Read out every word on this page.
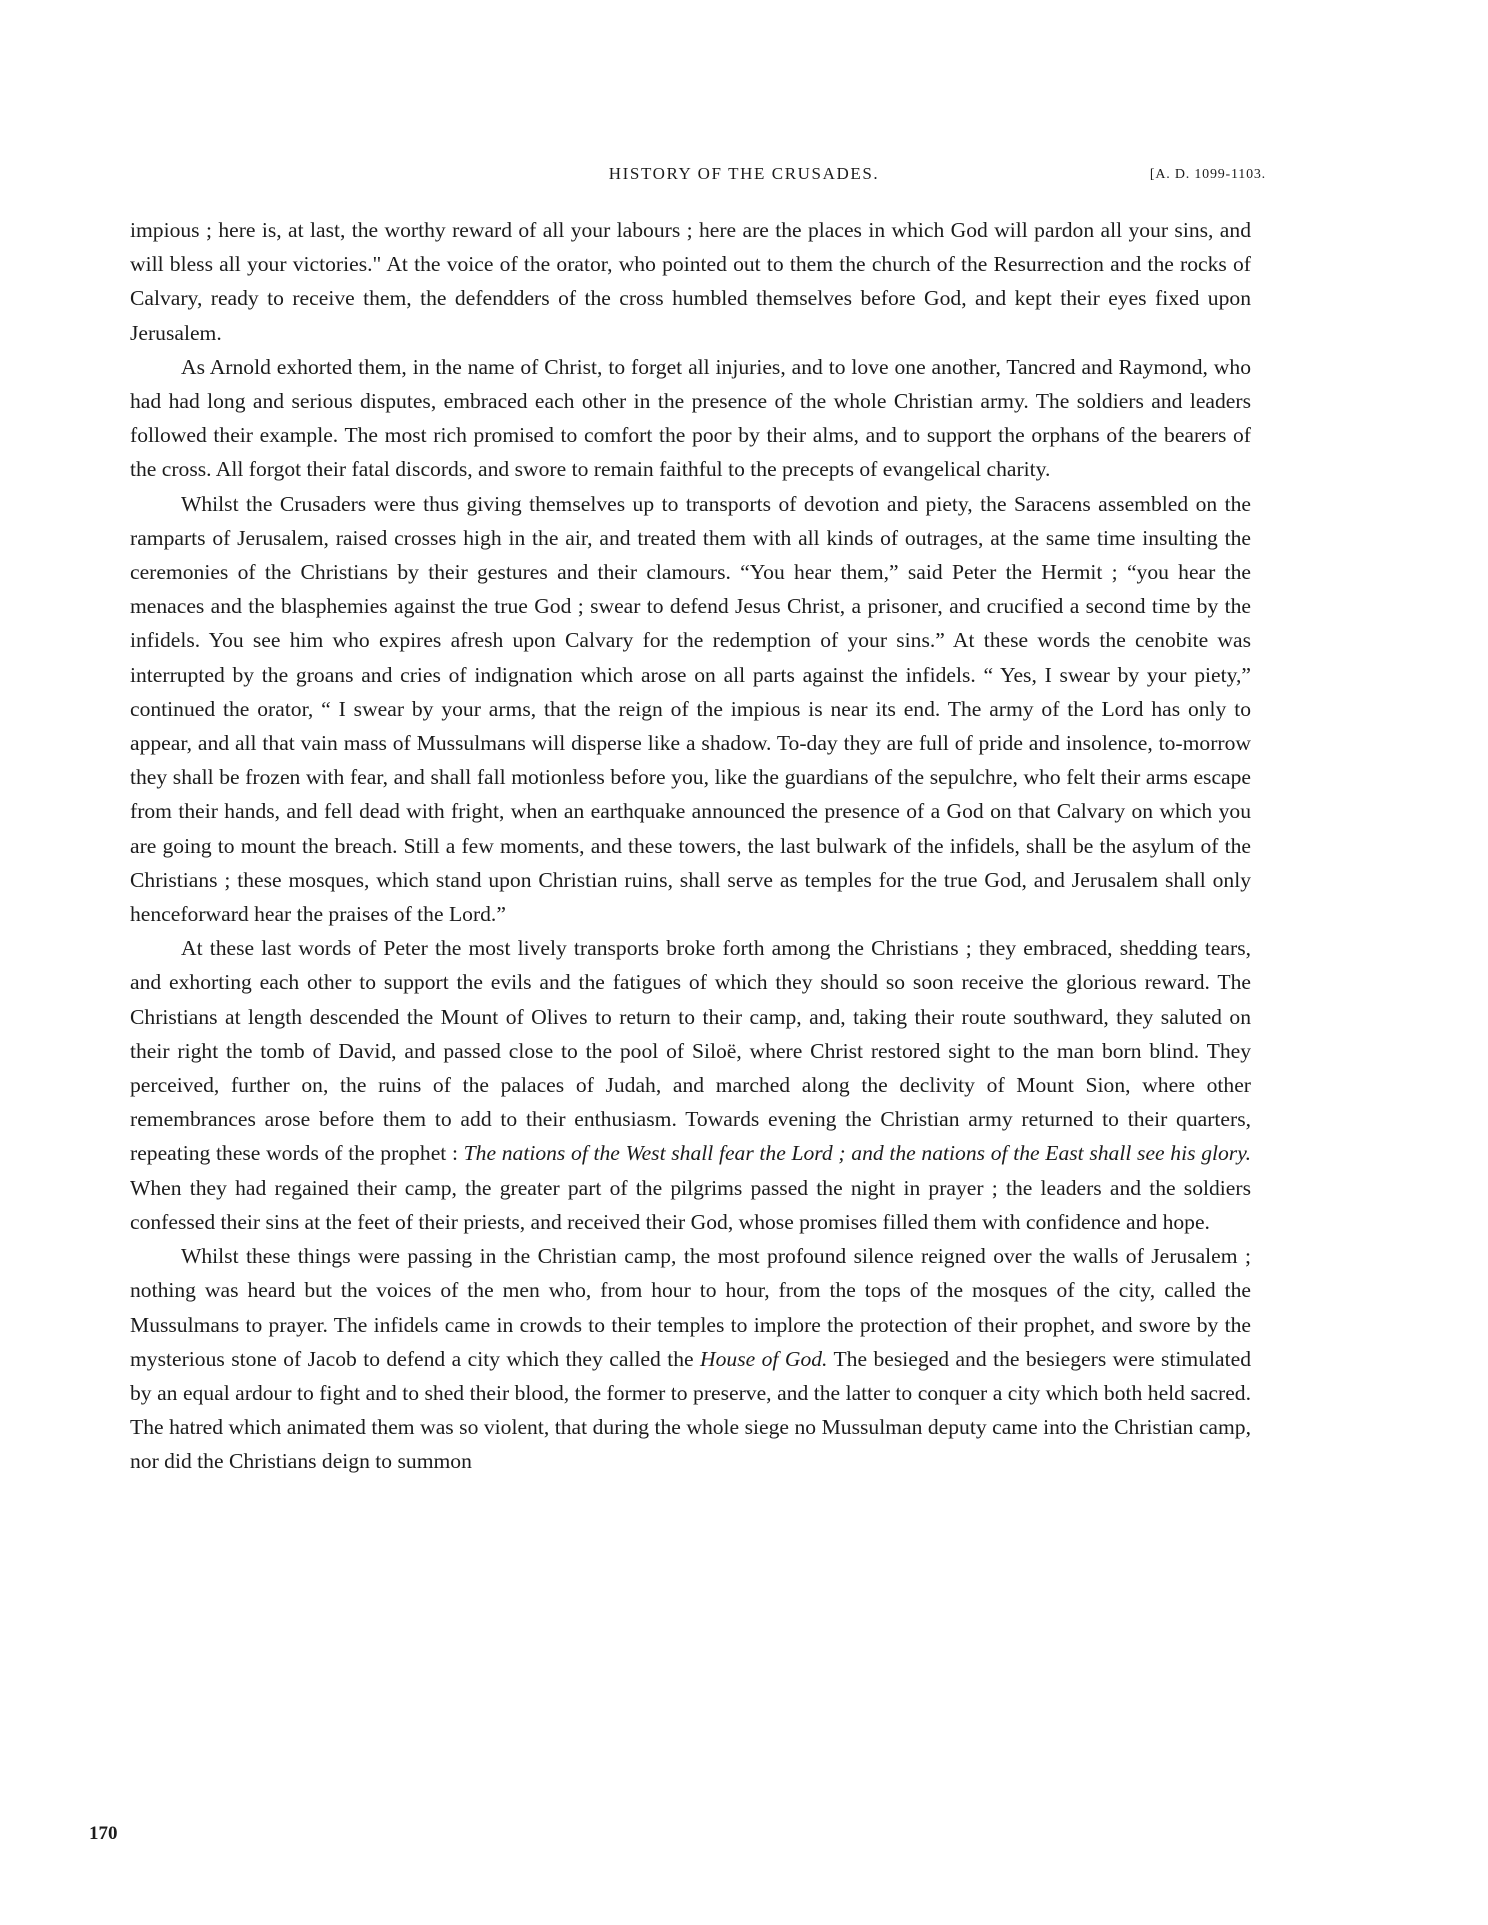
HISTORY OF THE CRUSADES.	[A. D. 1099-1103.

impious ; here is, at last, the worthy reward of all your labours ; here are the places in which God will pardon all your sins, and will bless all your victories." At the voice of the orator, who pointed out to them the church of the Resurrection and the rocks of Calvary, ready to receive them, the defendders of the cross humbled themselves before God, and kept their eyes fixed upon Jerusalem.

As Arnold exhorted them, in the name of Christ, to forget all injuries, and to love one another, Tancred and Raymond, who had had long and serious disputes, embraced each other in the presence of the whole Christian army. The soldiers and leaders followed their example. The most rich promised to comfort the poor by their alms, and to support the orphans of the bearers of the cross. All forgot their fatal discords, and swore to remain faithful to the precepts of evangelical charity.

Whilst the Crusaders were thus giving themselves up to transports of devotion and piety, the Saracens assembled on the ramparts of Jerusalem, raised crosses high in the air, and treated them with all kinds of outrages, at the same time insulting the ceremonies of the Christians by their gestures and their clamours. “You hear them,” said Peter the Hermit ; “you hear the menaces and the blasphemies against the true God ; swear to defend Jesus Christ, a prisoner, and crucified a second time by the infidels. You see him who expires afresh upon Calvary for the redemption of your sins.” At these words the cenobite was interrupted by the groans and cries of indignation which arose on all parts against the infidels. “ Yes, I swear by your piety,” continued the orator, “ I swear by your arms, that the reign of the impious is near its end. The army of the Lord has only to appear, and all that vain mass of Mussulmans will disperse like a shadow. To-day they are full of pride and insolence, to-morrow they shall be frozen with fear, and shall fall motionless before you, like the guardians of the sepulchre, who felt their arms escape from their hands, and fell dead with fright, when an earthquake announced the presence of a God on that Calvary on which you are going to mount the breach. Still a few moments, and these towers, the last bulwark of the infidels, shall be the asylum of the Christians ; these mosques, which stand upon Christian ruins, shall serve as temples for the true God, and Jerusalem shall only henceforward hear the praises of the Lord.”

At these last words of Peter the most lively transports broke forth among the Christians ; they embraced, shedding tears, and exhorting each other to support the evils and the fatigues of which they should so soon receive the glorious reward. The Christians at length descended the Mount of Olives to return to their camp, and, taking their route southward, they saluted on their right the tomb of David, and passed close to the pool of Siloë, where Christ restored sight to the man born blind. They perceived, further on, the ruins of the palaces of Judah, and marched along the declivity of Mount Sion, where other remembrances arose before them to add to their enthusiasm. Towards evening the Christian army returned to their quarters, repeating these words of the prophet : The nations of the West shall fear the Lord ; and the nations of the East shall see his glory. When they had regained their camp, the greater part of the pilgrims passed the night in prayer ; the leaders and the soldiers confessed their sins at the feet of their priests, and received their God, whose promises filled them with confidence and hope.

Whilst these things were passing in the Christian camp, the most profound silence reigned over the walls of Jerusalem ; nothing was heard but the voices of the men who, from hour to hour, from the tops of the mosques of the city, called the Mussulmans to prayer. The infidels came in crowds to their temples to implore the protection of their prophet, and swore by the mysterious stone of Jacob to defend a city which they called the House of God. The besieged and the besiegers were stimulated by an equal ardour to fight and to shed their blood, the former to preserve, and the latter to conquer a city which both held sacred. The hatred which animated them was so violent, that during the whole siege no Mussulman deputy came into the Christian camp, nor did the Christians deign to summon

170
